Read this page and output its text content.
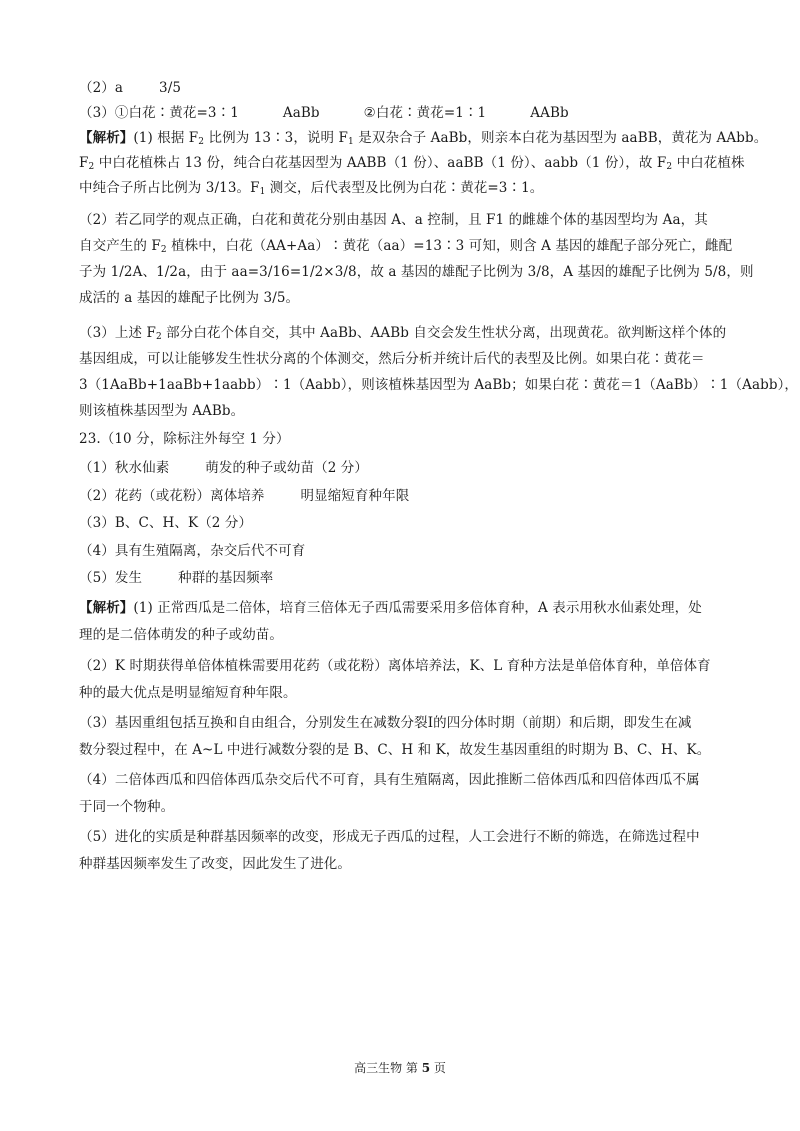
（2）a	3/5
（3）①白花∶黄花=3∶1	AaBb	②白花∶黄花=1∶1	AABb
【解析】(1) 根据 $F_2$ 比例为 13∶3，说明 $F_1$ 是双杂合子 AaBb，则亲本白花为基因型为 aaBB，黄花为 AAbb。
$F_2$ 中白花植株占 13 份，纯合白花基因型为 AABB（1 份）、aaBB（1 份）、aabb（1 份），故 $F_2$ 中白花植株
中纯合子所占比例为 3/13。$F_1$ 测交，后代表型及比例为白花∶黄花=3∶1。
（2）若乙同学的观点正确，白花和黄花分别由基因 A、a 控制，且 F1 的雌雄个体的基因型均为 Aa，其
自交产生的 $F_2$ 植株中，白花（AA+Aa）∶黄花（aa）=13∶3 可知，则含 A 基因的雄配子部分死亡，雌配
子为 1/2A、1/2a，由于 aa=3/16=1/2×3/8，故 a 基因的雄配子比例为 3/8，A 基因的雄配子比例为 5/8，则
成活的 a 基因的雄配子比例为 3/5。
（3）上述 $F_2$ 部分白花个体自交，其中 AaBb、AABb 自交会发生性状分离，出现黄花。欲判断这样个体的
基因组成，可以让能够发生性状分离的个体测交，然后分析并统计后代的表型及比例。如果白花∶黄花＝
3（1AaBb+1aaBb+1aabb）∶1（Aabb），则该植株基因型为 AaBb；如果白花∶黄花＝1（AaBb）∶1（Aabb），
则该植株基因型为 AABb。
23.（10 分，除标注外每空 1 分）
（1）秋水仙素	萌发的种子或幼苗（2 分）
（2）花药（或花粉）离体培养	明显缩短育种年限
（3）B、C、H、K（2 分）
（4）具有生殖隔离，杂交后代不可育
（5）发生	种群的基因频率
【解析】(1) 正常西瓜是二倍体，培育三倍体无子西瓜需要采用多倍体育种，A 表示用秋水仙素处理，处
理的是二倍体萌发的种子或幼苗。
（2）K 时期获得单倍体植株需要用花药（或花粉）离体培养法，K、L 育种方法是单倍体育种，单倍体育
种的最大优点是明显缩短育种年限。
（3）基因重组包括互换和自由组合，分别发生在减数分裂Ⅰ的四分体时期（前期）和后期，即发生在减
数分裂过程中，在 A~L 中进行减数分裂的是 B、C、H 和 K，故发生基因重组的时期为 B、C、H、K。
（4）二倍体西瓜和四倍体西瓜杂交后代不可育，具有生殖隔离，因此推断二倍体西瓜和四倍体西瓜不属
于同一个物种。
（5）进化的实质是种群基因频率的改变，形成无子西瓜的过程，人工会进行不断的筛选，在筛选过程中
种群基因频率发生了改变，因此发生了进化。
高三生物 第 5 页
